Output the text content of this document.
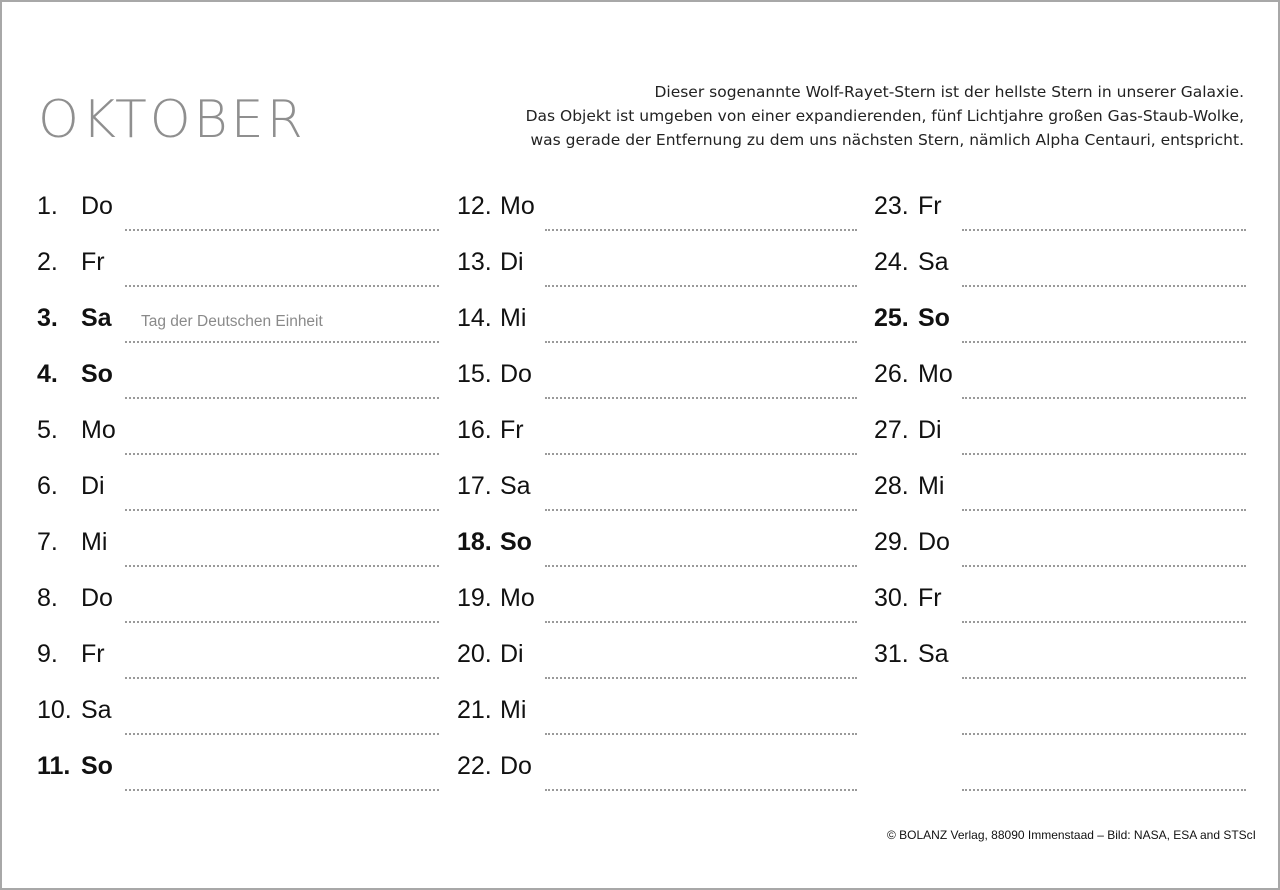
OKTOBER	Dieser sogenannte Wolf-Rayet-Stern ist der hellste Stern in unserer Galaxie.
Das Objekt ist umgeben von einer expandierenden, fünf Lichtjahre großen Gas-Staub-Wolke,
was gerade der Entfernung zu dem uns nächsten Stern, nämlich Alpha Centauri, entspricht.
1. Do
2. Fr
3. Sa Tag der Deutschen Einheit
4. So
5. Mo
6. Di
7. Mi
8. Do
9. Fr
10. Sa
11. So
12. Mo
13. Di
14. Mi
15. Do
16. Fr
17. Sa
18. So
19. Mo
20. Di
21. Mi
22. Do
23. Fr
24. Sa
25. So
26. Mo
27. Di
28. Mi
29. Do
30. Fr
31. Sa
© BOLANZ Verlag, 88090 Immenstaad – Bild: NASA, ESA and STScI
